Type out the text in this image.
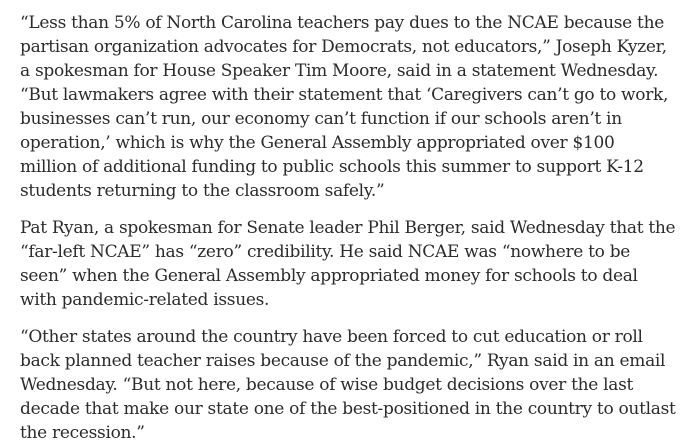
“Less than 5% of North Carolina teachers pay dues to the NCAE because the partisan organization advocates for Democrats, not educators,” Joseph Kyzer, a spokesman for House Speaker Tim Moore, said in a statement Wednesday. “But lawmakers agree with their statement that ‘Caregivers can’t go to work, businesses can’t run, our economy can’t function if our schools aren’t in operation,’ which is why the General Assembly appropriated over $100 million of additional funding to public schools this summer to support K-12 students returning to the classroom safely.”

Pat Ryan, a spokesman for Senate leader Phil Berger, said Wednesday that the “far-left NCAE” has “zero” credibility. He said NCAE was “nowhere to be seen” when the General Assembly appropriated money for schools to deal with pandemic-related issues.

“Other states around the country have been forced to cut education or roll back planned teacher raises because of the pandemic,” Ryan said in an email Wednesday. “But not here, because of wise budget decisions over the last decade that make our state one of the best-positioned in the country to outlast the recession.”
